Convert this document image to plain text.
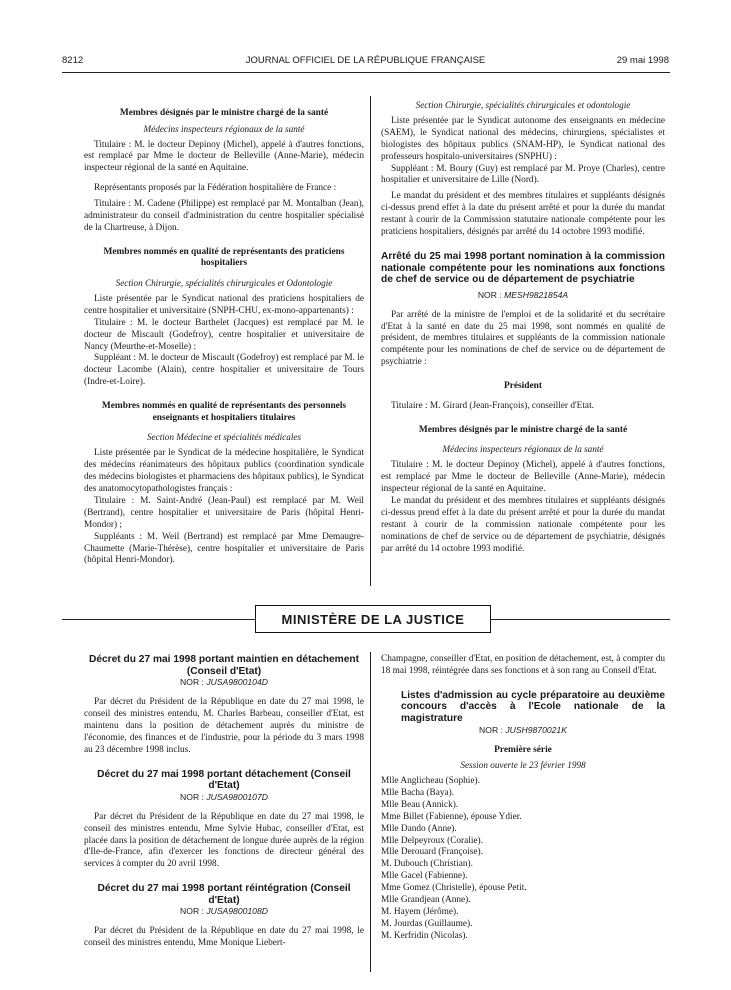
8212	JOURNAL OFFICIEL DE LA RÉPUBLIQUE FRANÇAISE	29 mai 1998
Membres désignés par le ministre chargé de la santé
Médecins inspecteurs régionaux de la santé

Titulaire : M. le docteur Depinoy (Michel), appelé à d'autres fonctions, est remplacé par Mme le docteur de Belleville (Anne-Marie), médecin inspecteur régional de la santé en Aquitaine.

Représentants proposés par la Fédération hospitalière de France :

Titulaire : M. Cadene (Philippe) est remplacé par M. Montalban (Jean), administrateur du conseil d'administration du centre hospitalier spécialisé de la Chartreuse, à Dijon.

Membres nommés en qualité de représentants des praticiens hospitaliers
Section Chirurgie, spécialités chirurgicales et Odontologie

Liste présentée par le Syndicat national des praticiens hospitaliers de centre hospitalier et universitaire (SNPH-CHU, ex-mono-appartenants) :

Titulaire : M. le docteur Barthelet (Jacques) est remplacé par M. le docteur de Miscault (Godefroy), centre hospitalier et universitaire de Nancy (Meurthe-et-Moselle) :

Suppléant : M. le docteur de Miscault (Godefroy) est remplacé par M. le docteur Lacombe (Alain), centre hospitalier et universitaire de Tours (Indre-et-Loire).

Membres nommés en qualité de représentants des personnels enseignants et hospitaliers titulaires
Section Médecine et spécialités médicales

Liste présentée par le Syndicat de la médecine hospitalière, le Syndicat des médecins réanimateurs des hôpitaux publics (coordination syndicale des médecins biologistes et pharmaciens des hôpitaux publics), le Syndicat des anatomocytopathologistes français :

Titulaire : M. Saint-André (Jean-Paul) est remplacé par M. Weil (Bertrand), centre hospitalier et universitaire de Paris (hôpital Henri-Mondor) ;

Suppléants : M. Weil (Bertrand) est remplacé par Mme Demaugre-Chaumette (Marie-Thérèse), centre hospitalier et universitaire de Paris (hôpital Henri-Mondor).

Section Chirurgie, spécialités chirurgicales et odontologie

Liste présentée par le Syndicat autonome des enseignants en médecine (SAEM), le Syndicat national des médecins, chirurgiens, spécialistes et biologistes des hôpitaux publics (SNAM-HP), le Syndicat national des professeurs hospitalo-universitaires (SNPHU) :

Suppléant : M. Boury (Guy) est remplacé par M. Proye (Charles), centre hospitalier et universitaire de Lille (Nord).

Le mandat du président et des membres titulaires et suppléants désignés ci-dessus prend effet à la date du présent arrêté et pour la durée du mandat restant à courir de la Commission statutaire nationale compétente pour les praticiens hospitaliers, désignés par arrêté du 14 octobre 1993 modifié.

Arrêté du 25 mai 1998 portant nomination à la commission nationale compétente pour les nominations aux fonctions de chef de service ou de département de psychiatrie
NOR : MESH9821854A

Par arrêté de la ministre de l'emploi et de la solidarité et du secrétaire d'Etat à la santé en date du 25 mai 1998, sont nommés en qualité de président, de membres titulaires et suppléants de la commission nationale compétente pour les nominations de chef de service ou de département de psychiatrie :

Président

Titulaire : M. Girard (Jean-François), conseiller d'Etat.

Membres désignés par le ministre chargé de la santé
Médecins inspecteurs régionaux de la santé

Titulaire : M. le docteur Depinoy (Michel), appelé à d'autres fonctions, est remplacé par Mme le docteur de Belleville (Anne-Marie), médecin inspecteur régional de la santé en Aquitaine.

Le mandat du président et des membres titulaires et suppléants désignés ci-dessus prend effet à la date du présent arrêté et pour la durée du mandat restant à courir de la commission nationale compétente pour les nominations de chef de service ou de département de psychiatrie, désignés par arrêté du 14 octobre 1993 modifié.

MINISTÈRE DE LA JUSTICE
Décret du 27 mai 1998 portant maintien en détachement (Conseil d'Etat)
NOR : JUSA9800104D

Par décret du Président de la République en date du 27 mai 1998, le conseil des ministres entendu, M. Charles Barbeau, conseiller d'Etat, est maintenu dans la position de détachement auprès du ministre de l'économie, des finances et de l'industrie, pour la période du 3 mars 1998 au 23 décembre 1998 inclus.

Décret du 27 mai 1998 portant détachement (Conseil d'Etat)
NOR : JUSA9800107D

Par décret du Président de la République en date du 27 mai 1998, le conseil des ministres entendu, Mme Sylvie Hubac, conseiller d'Etat, est placée dans la position de détachement de longue durée auprès de la région d'Ile-de-France, afin d'exercer les fonctions de directeur général des services à compter du 20 avril 1998.

Décret du 27 mai 1998 portant réintégration (Conseil d'Etat)
NOR : JUSA9800108D

Par décret du Président de la République en date du 27 mai 1998, le conseil des ministres entendu, Mme Monique Liebert-

Champagne, conseiller d'Etat, en position de détachement, est, à compter du 18 mai 1998, réintégrée dans ses fonctions et à son rang au Conseil d'Etat.

Listes d'admission au cycle préparatoire au deuxième concours d'accès à l'Ecole nationale de la magistrature
NOR : JUSH9870021K
Première série
Session ouverte le 23 février 1998

Mlle Anglicheau (Sophie).

Mlle Bacha (Baya).

Mlle Beau (Annick).

Mme Billet (Fabienne), épouse Ydier.

Mlle Dando (Anne).

Mlle Delpeyroux (Coralie).

Mlle Derouard (Françoise).

M. Dubouch (Christian).

Mlle Gacel (Fabienne).

Mme Gomez (Christelle), épouse Petit.

Mlle Grandjean (Anne).

M. Hayem (Jérôme).

M. Jourdas (Guillaume).

M. Kerfridin (Nicolas).
